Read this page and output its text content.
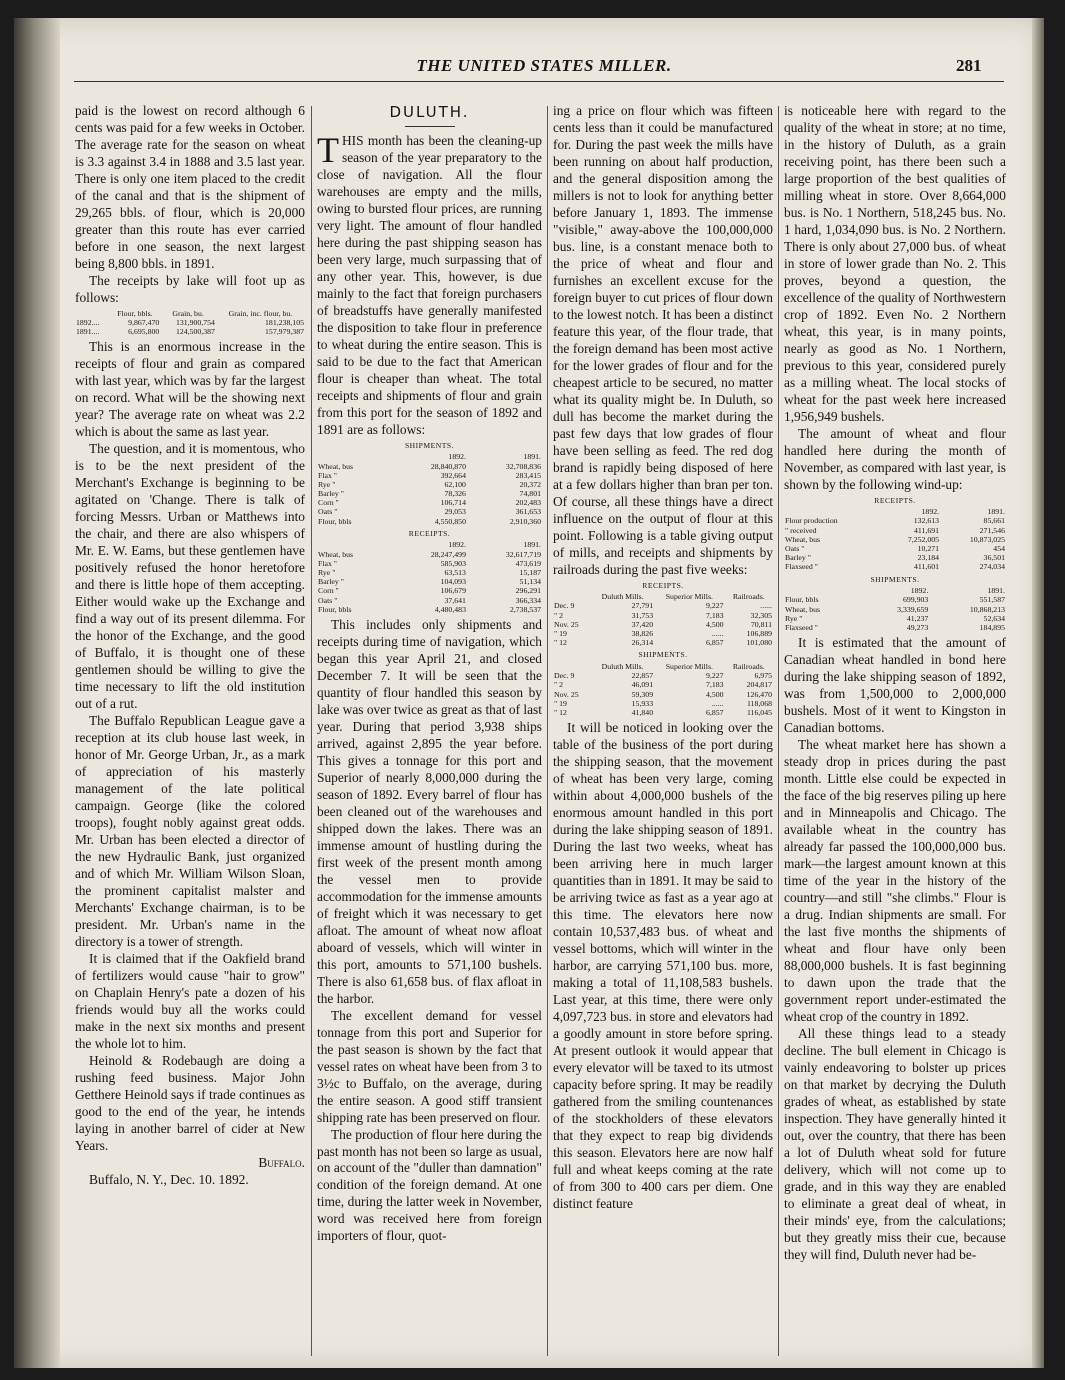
THE UNITED STATES MILLER.	281

paid is the lowest on record although 6 cents was paid for a few weeks in October. The average rate for the season on wheat is 3.3 against 3.4 in 1888 and 3.5 last year. There is only one item placed to the credit of the canal and that is the shipment of 29,265 bbls. of flour, which is 20,000 greater than this route has ever carried before in one season, the next largest being 8,800 bbls. in 1891.

The receipts by lake will foot up as follows:

	Flour, bbls.	Grain, bu.	Grain, inc. flour, bu.
1892....	9,867,470	131,900,754	181,238,105
1891....	6,695,800	124,500,387	157,979,387

This is an enormous increase in the receipts of flour and grain as compared with last year, which was by far the largest on record. What will be the showing next year? The average rate on wheat was 2.2 which is about the same as last year.

The question, and it is momentous, who is to be the next president of the Merchant's Exchange is beginning to be agitated on 'Change. There is talk of forcing Messrs. Urban or Matthews into the chair, and there are also whispers of Mr. E. W. Eams, but these gentlemen have positively refused the honor heretofore and there is little hope of them accepting. Either would wake up the Exchange and find a way out of its present dilemma. For the honor of the Exchange, and the good of Buffalo, it is thought one of these gentlemen should be willing to give the time necessary to lift the old institution out of a rut.

The Buffalo Republican League gave a reception at its club house last week, in honor of Mr. George Urban, Jr., as a mark of appreciation of his masterly management of the late political campaign. George (like the colored troops), fought nobly against great odds. Mr. Urban has been elected a director of the new Hydraulic Bank, just organized and of which Mr. William Wilson Sloan, the prominent capitalist malster and Merchants' Exchange chairman, is to be president. Mr. Urban's name in the directory is a tower of strength.

It is claimed that if the Oakfield brand of fertilizers would cause "hair to grow" on Chaplain Henry's pate a dozen of his friends would buy all the works could make in the next six months and present the whole lot to him.

Heinold & Rodebaugh are doing a rushing feed business. Major John Getthere Heinold says if trade continues as good to the end of the year, he intends laying in another barrel of cider at New Years.

Buffalo.

Buffalo, N. Y., Dec. 10. 1892.

DULUTH.

THIS month has been the cleaning-up season of the year preparatory to the close of navigation. All the flour warehouses are empty and the mills, owing to bursted flour prices, are running very light. The amount of flour handled here during the past shipping season has been very large, much surpassing that of any other year. This, however, is due mainly to the fact that foreign purchasers of breadstuffs have generally manifested the disposition to take flour in preference to wheat during the entire season. This is said to be due to the fact that American flour is cheaper than wheat. The total receipts and shipments of flour and grain from this port for the season of 1892 and 1891 are as follows:

SHIPMENTS.
	1892.	1891.
Wheat, bus	28,840,870	32,708,836
Flax "	392,664	283,415
Rye "	62,100	20,372
Barley "	78,326	74,801
Corn "	106,714	202,483
Oats "	29,053	361,653
Flour, bbls	4,550,850	2,910,360
RECEIPTS.
	1892.	1891.
Wheat, bus	28,247,499	32,617,719
Flax "	585,903	473,619
Rye "	63,513	15,187
Barley "	104,093	51,134
Corn "	106,679	296,291
Oats "	37,641	366,334
Flour, bbls	4,480,483	2,738,537

This includes only shipments and receipts during time of navigation, which began this year April 21, and closed December 7. It will be seen that the quantity of flour handled this season by lake was over twice as great as that of last year. During that period 3,938 ships arrived, against 2,895 the year before. This gives a tonnage for this port and Superior of nearly 8,000,000 during the season of 1892. Every barrel of flour has been cleaned out of the warehouses and shipped down the lakes. There was an immense amount of hustling during the first week of the present month among the vessel men to provide accommodation for the immense amounts of freight which it was necessary to get afloat. The amount of wheat now afloat aboard of vessels, which will winter in this port, amounts to 571,100 bushels. There is also 61,658 bus. of flax afloat in the harbor.

The excellent demand for vessel tonnage from this port and Superior for the past season is shown by the fact that vessel rates on wheat have been from 3 to 3½c to Buffalo, on the average, during the entire season. A good stiff transient shipping rate has been preserved on flour.

The production of flour here during the past month has not been so large as usual, on account of the "duller than damnation" condition of the foreign demand. At one time, during the latter week in November, word was received here from foreign importers of flour, quot-

ing a price on flour which was fifteen cents less than it could be manufactured for. During the past week the mills have been running on about half production, and the general disposition among the millers is not to look for anything better before January 1, 1893. The immense "visible," away-above the 100,000,000 bus. line, is a constant menace both to the price of wheat and flour and furnishes an excellent excuse for the foreign buyer to cut prices of flour down to the lowest notch. It has been a distinct feature this year, of the flour trade, that the foreign demand has been most active for the lower grades of flour and for the cheapest article to be secured, no matter what its quality might be. In Duluth, so dull has become the market during the past few days that low grades of flour have been selling as feed. The red dog brand is rapidly being disposed of here at a few dollars higher than bran per ton. Of course, all these things have a direct influence on the output of flour at this point. Following is a table giving output of mills, and receipts and shipments by railroads during the past five weeks:

RECEIPTS.
	Duluth Mills.	Superior Mills.	Railroads.
Dec. 9	27,791	9,227	......
" 2	31,753	7,183	32,305
Nov. 25	37,420	4,500	70,811
" 19	38,826	......	106,889
" 12	26,314	6,857	101,080
SHIPMENTS.
	Duluth Mills.	Superior Mills.	Railroads.
Dec. 9	22,857	9,227	6,975
" 2	46,091	7,183	204,817
Nov. 25	59,309	4,500	126,470
" 19	15,933	......	118,068
" 12	41,840	6,857	116,045

It will be noticed in looking over the table of the business of the port during the shipping season, that the movement of wheat has been very large, coming within about 4,000,000 bushels of the enormous amount handled in this port during the lake shipping season of 1891. During the last two weeks, wheat has been arriving here in much larger quantities than in 1891. It may be said to be arriving twice as fast as a year ago at this time. The elevators here now contain 10,537,483 bus. of wheat and vessel bottoms, which will winter in the harbor, are carrying 571,100 bus. more, making a total of 11,108,583 bushels. Last year, at this time, there were only 4,097,723 bus. in store and elevators had a goodly amount in store before spring. At present outlook it would appear that every elevator will be taxed to its utmost capacity before spring. It may be readily gathered from the smiling countenances of the stockholders of these elevators that they expect to reap big dividends this season. Elevators here are now half full and wheat keeps coming at the rate of from 300 to 400 cars per diem. One distinct feature

is noticeable here with regard to the quality of the wheat in store; at no time, in the history of Duluth, as a grain receiving point, has there been such a large proportion of the best qualities of milling wheat in store. Over 8,664,000 bus. is No. 1 Northern, 518,245 bus. No. 1 hard, 1,034,090 bus. is No. 2 Northern. There is only about 27,000 bus. of wheat in store of lower grade than No. 2. This proves, beyond a question, the excellence of the quality of Northwestern crop of 1892. Even No. 2 Northern wheat, this year, is in many points, nearly as good as No. 1 Northern, previous to this year, considered purely as a milling wheat. The local stocks of wheat for the past week here increased 1,956,949 bushels.

The amount of wheat and flour handled here during the month of November, as compared with last year, is shown by the following wind-up:

RECEIPTS.
	1892.	1891.
Flour production	132,613	85,661
" received	411,691	271,546
Wheat, bus	7,252,005	10,873,025
Oats "	10,271	454
Barley "	23,184	36,501
Flaxseed "	411,601	274,034
SHIPMENTS.
	1892.	1891.
Flour, bbls	699,903	551,587
Wheat, bus	3,339,659	10,868,213
Rye "	41,237	52,634
Flaxseed "	49,273	184,895

It is estimated that the amount of Canadian wheat handled in bond here during the lake shipping season of 1892, was from 1,500,000 to 2,000,000 bushels. Most of it went to Kingston in Canadian bottoms.

The wheat market here has shown a steady drop in prices during the past month. Little else could be expected in the face of the big reserves piling up here and in Minneapolis and Chicago. The available wheat in the country has already far passed the 100,000,000 bus. mark—the largest amount known at this time of the year in the history of the country—and still "she climbs." Flour is a drug. Indian shipments are small. For the last five months the shipments of wheat and flour have only been 88,000,000 bushels. It is fast beginning to dawn upon the trade that the government report under-estimated the wheat crop of the country in 1892.

All these things lead to a steady decline. The bull element in Chicago is vainly endeavoring to bolster up prices on that market by decrying the Duluth grades of wheat, as established by state inspection. They have generally hinted it out, over the country, that there has been a lot of Duluth wheat sold for future delivery, which will not come up to grade, and in this way they are enabled to eliminate a great deal of wheat, in their minds' eye, from the calculations; but they greatly miss their cue, because they will find, Duluth never had be-
